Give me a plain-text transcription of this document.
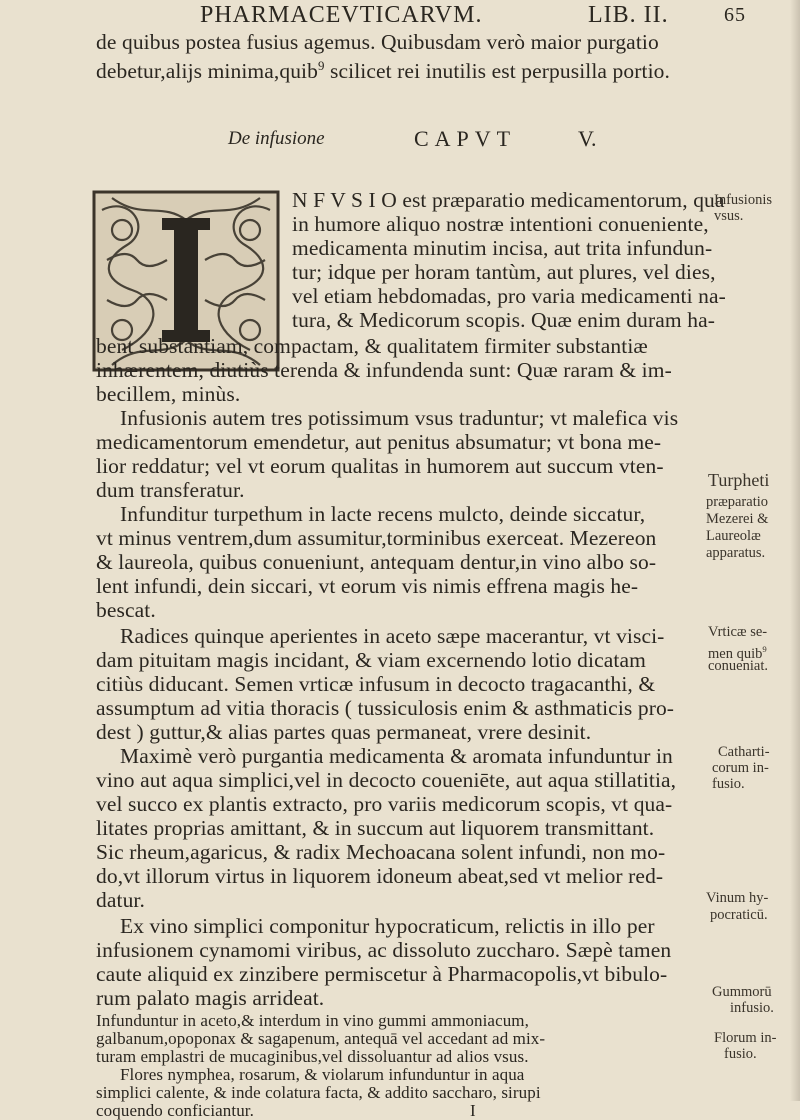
PHARMACEVTICARVM.	LIB. II.	65
de quibus postea fusius agemus. Quibusdam verò maior purgatio
debetur,alijs minima,quib$^9$ scilicet rei inutilis est perpusilla portio.
De infusione	CAPVT	V.
I
N F V S I O est præparatio medicamentorum, qua
in humore aliquo nostræ intentioni conueniente,
medicamenta minutim incisa, aut trita infundun-
tur; idque per horam tantùm, aut plures, vel dies,
vel etiam hebdomadas, pro varia medicamenti na-
tura, & Medicorum scopis. Quæ enim duram ha-
bent substantiam, compactam, & qualitatem firmiter substantiæ
inhærentem, diutiùs terenda & infundenda sunt: Quæ raram & im-
becillem, minùs.
Infusionis autem tres potissimum vsus traduntur; vt malefica vis
medicamentorum emendetur, aut penitus absumatur; vt bona me-
lior reddatur; vel vt eorum qualitas in humorem aut succum vten-
dum transferatur.
Infunditur turpethum in lacte recens mulcto, deinde siccatur,
vt minus ventrem,dum assumitur,torminibus exerceat. Mezereon
& laureola, quibus conueniunt, antequam dentur,in vino albo so-
lent infundi, dein siccari, vt eorum vis nimis effrena magis he-
bescat.
Radices quinque aperientes in aceto sæpe macerantur, vt visci-
dam pituitam magis incidant, & viam excernendo lotio dicatam
citiùs diducant. Semen vrticæ infusum in decocto tragacanthi, &
assumptum ad vitia thoracis ( tussiculosis enim & asthmaticis pro-
dest ) guttur,& alias partes quas permaneat, vrere desinit.
Maximè verò purgantia medicamenta & aromata infunduntur in
vino aut aqua simplici,vel in decocto coueniēte, aut aqua stillatitia,
vel succo ex plantis extracto, pro variis medicorum scopis, vt qua-
litates proprias amittant, & in succum aut liquorem transmittant.
Sic rheum,agaricus, & radix Mechoacana solent infundi, non mo-
do,vt illorum virtus in liquorem idoneum abeat,sed vt melior red-
datur.
Ex vino simplici componitur hypocraticum, relictis in illo per
infusionem cynamomi viribus, ac dissoluto zuccharo. Sæpè tamen
caute aliquid ex zinzibere permiscetur à Pharmacopolis,vt bibulo-
rum palato magis arrideat.
Infunduntur in aceto,& interdum in vino gummi ammoniacum,
galbanum,opoponax & sagapenum, antequā vel accedant ad mix-
turam emplastri de mucaginibus,vel dissoluantur ad alios vsus.
Flores nymphea, rosarum, & violarum infunduntur in aqua
simplici calente, & inde colatura facta, & addito saccharo, sirupi
coquendo conficiantur.	I
Infusionis
vsus.
Turpheti
præparatio
Mezerei &
Laureolæ
apparatus.
Vrticæ se-
men quib$^9$
conueniat.
Catharti-
corum in-
fusio.
Vinum hy-
pocraticū.
Gummorū
infusio.
Florum in-
fusio.
